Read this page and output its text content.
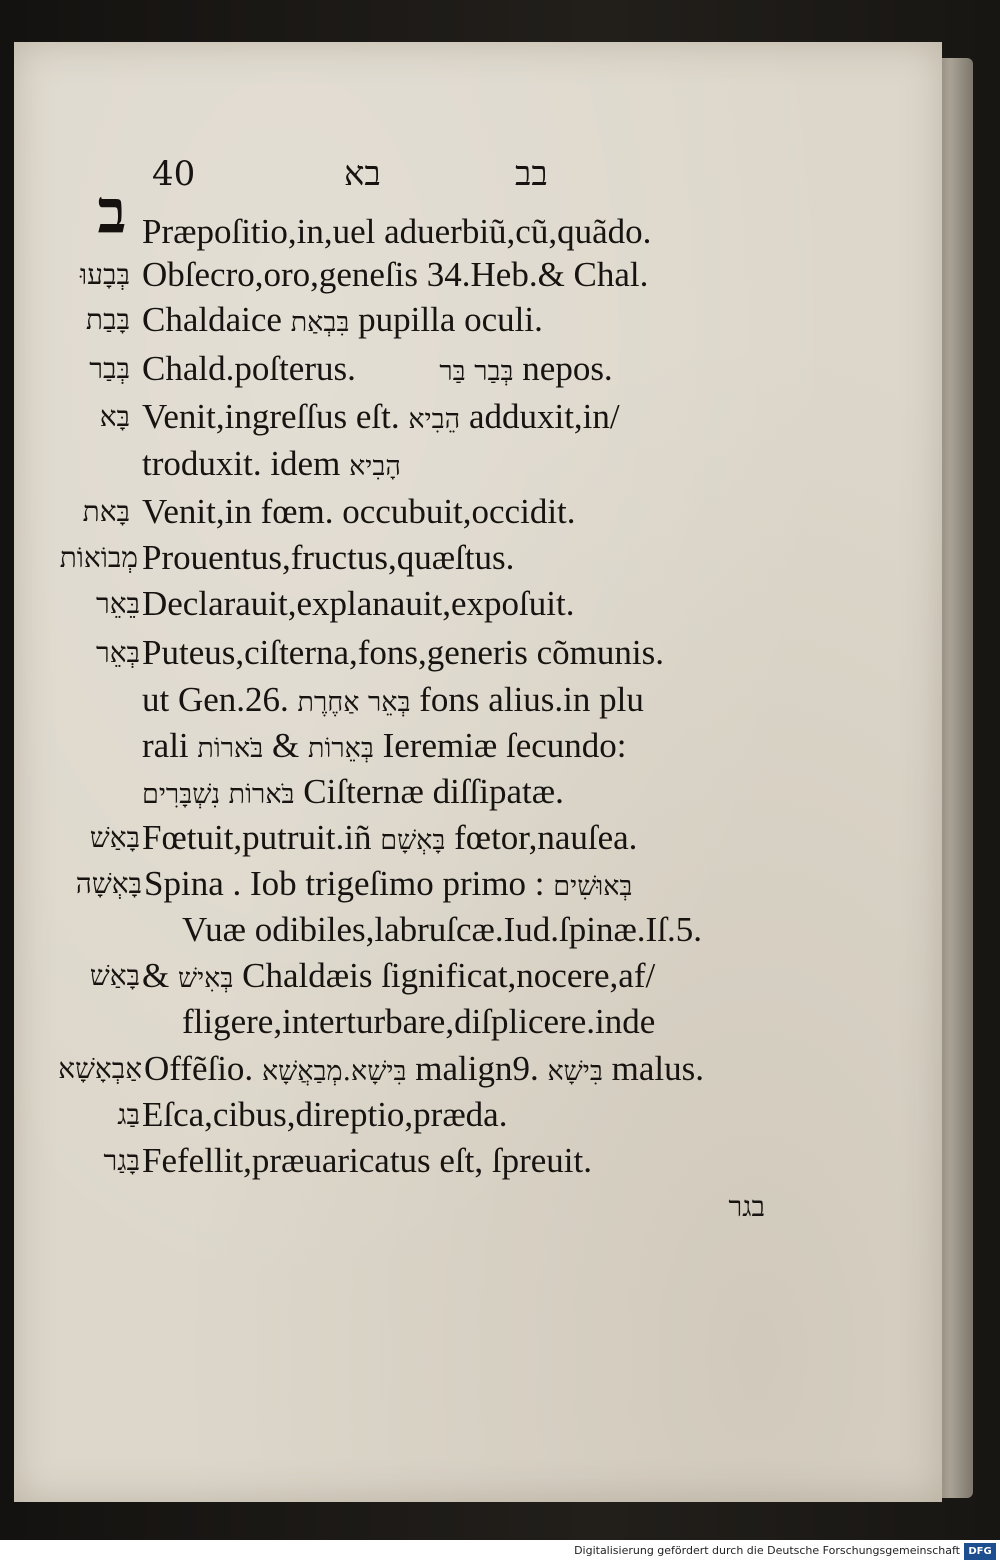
40	בא	בב
ב Præpoſitio,in,uel aduerbiũ,cũ,quãdo.
בְּבָעוּ Obſecro,oro,geneſis 34.Heb.& Chal.
בָּבַת Chaldaice בִּבְאַת pupilla oculi.
בְּבַר Chald.poſterus.	בְּבַר בַּר nepos.
בָּא Venit,ingreſſus eſt. הֵבִיא adduxit,in/
troduxit. idem הָבִיא
בָּאת Venit,in fœm. occubuit,occidit.
מְבוֹאוֹת Prouentus,fructus,quæſtus.
בֵּאֵר Declarauit,explanauit,expoſuit.
בְּאֵר Puteus,ciſterna,fons,generis cõmunis.
ut Gen.26. בְּאֵר אַחֶרֶת fons alius.in plu
rali בֹּארוֹת & בְּאֵרוֹת Ieremiæ ſecundo:
בֹּארוֹת נִשְׁבָּרִים Ciſternæ diſſipatæ.
בָּאַשׁ Fœtuit,putruit.iñ בָּאְשָׁם fœtor,nauſea.
בָּאְשָׁה Spina . Iob trigeſimo primo : בְּאוּשִׁים
Vuæ odibiles,labruſcæ.Iud.ſpinæ.Iſ.5.
בָּאַשׁ & בְּאִישׁ Chaldæis ſignificat,nocere,af/
fligere,interturbare,diſplicere.inde
אַבְאָשָׁא Offẽſio. בִּישָׁא.מְבַאֲשָׁא malign9. בִּישָׁא malus.
בַּג Eſca,cibus,direptio,præda.
בָּגַר Fefellit,præuaricatus eſt, ſpreuit.
בגר
Digitalisierung gefördert durch die Deutsche Forschungsgemeinschaft DFG
